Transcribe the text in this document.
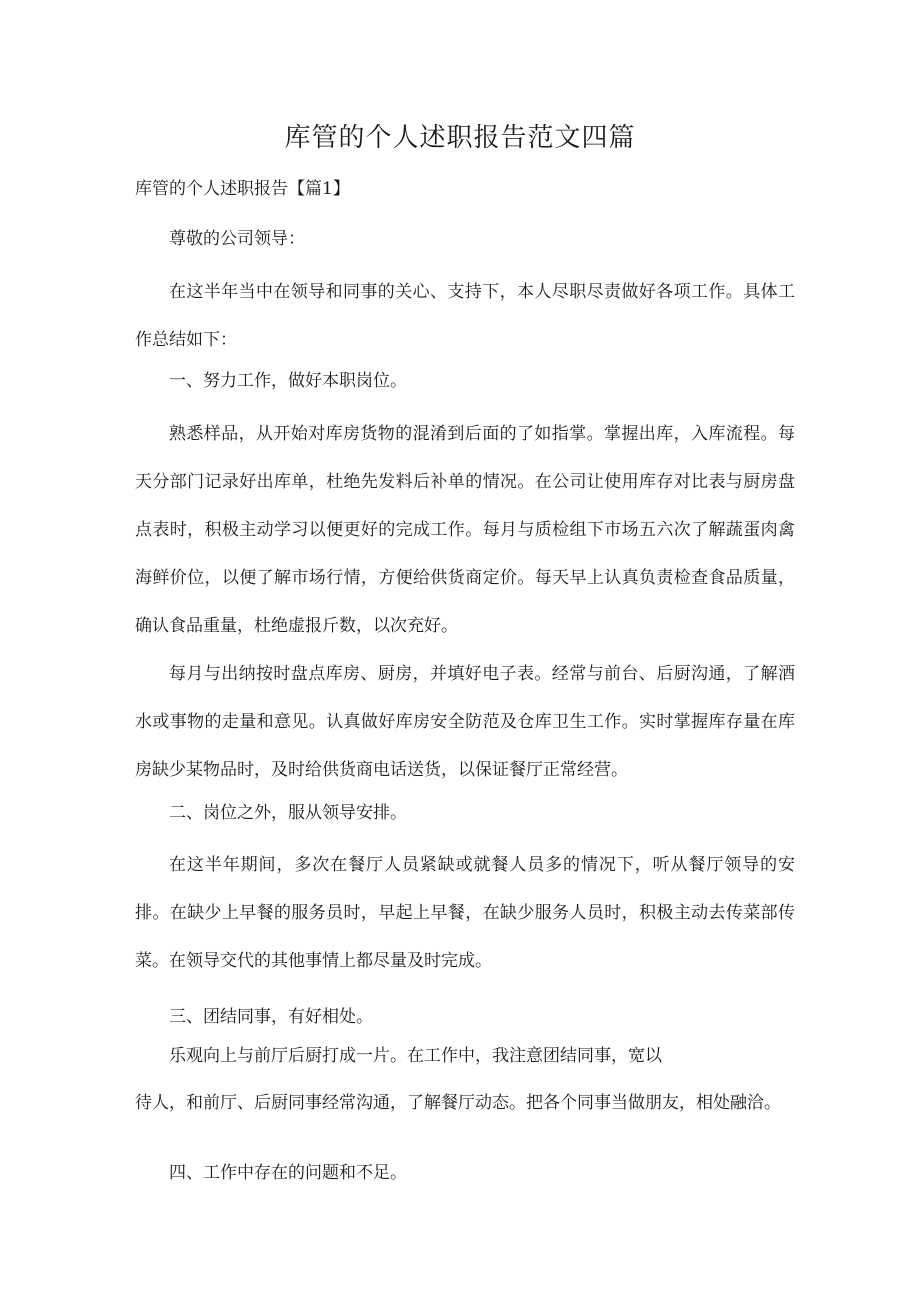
库管的个人述职报告范文四篇
库管的个人述职报告【篇1】

尊敬的公司领导：

在这半年当中在领导和同事的关心、支持下，本人尽职尽责做好各项工作。具体工作总结如下：

一、努力工作，做好本职岗位。

熟悉样品，从开始对库房货物的混淆到后面的了如指掌。掌握出库，入库流程。每天分部门记录好出库单，杜绝先发料后补单的情况。在公司让使用库存对比表与厨房盘点表时，积极主动学习以便更好的完成工作。每月与质检组下市场五六次了解蔬蛋肉禽海鲜价位，以便了解市场行情，方便给供货商定价。每天早上认真负责检查食品质量，确认食品重量，杜绝虚报斤数，以次充好。

每月与出纳按时盘点库房、厨房，并填好电子表。经常与前台、后厨沟通，了解酒水或事物的走量和意见。认真做好库房安全防范及仓库卫生工作。实时掌握库存量在库房缺少某物品时，及时给供货商电话送货，以保证餐厅正常经营。

二、岗位之外，服从领导安排。

在这半年期间，多次在餐厅人员紧缺或就餐人员多的情况下，听从餐厅领导的安排。在缺少上早餐的服务员时，早起上早餐，在缺少服务人员时，积极主动去传菜部传菜。在领导交代的其他事情上都尽量及时完成。

三、团结同事，有好相处。

乐观向上与前厅后厨打成一片。在工作中，我注意团结同事，宽以

待人，和前厅、后厨同事经常沟通，了解餐厅动态。把各个同事当做朋友，相处融洽。

四、工作中存在的问题和不足。
